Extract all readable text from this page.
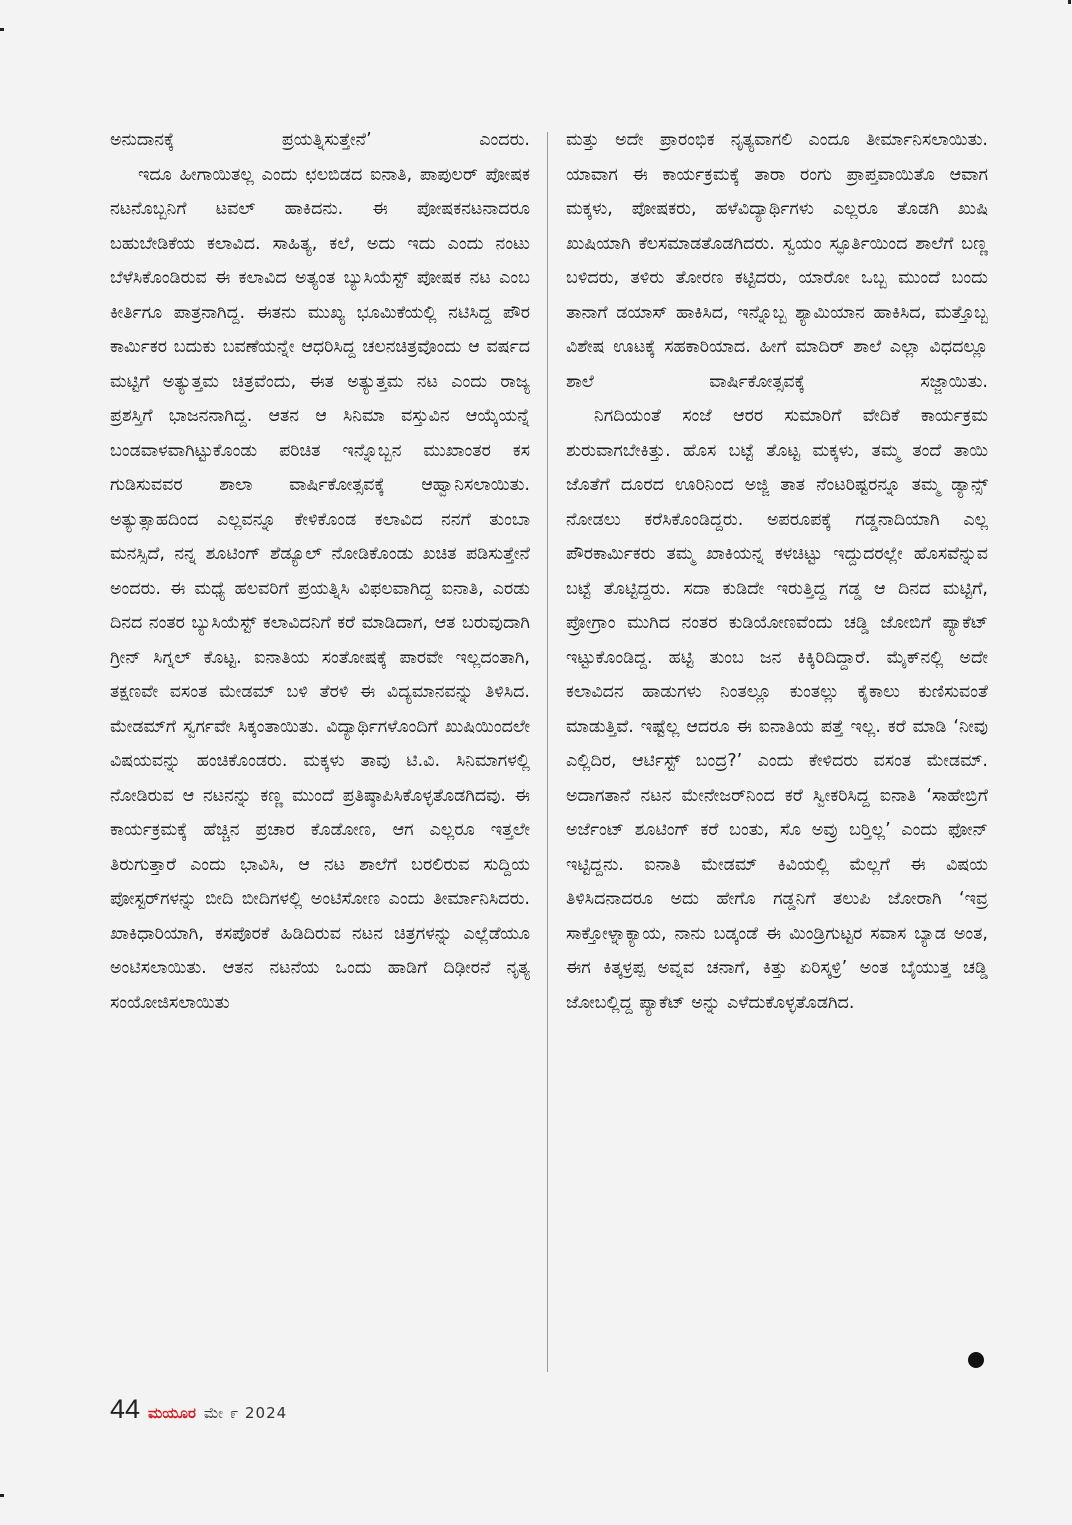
ಅನುದಾನಕ್ಕೆ ಪ್ರಯತ್ನಿಸುತ್ತೇನೆ’ ಎಂದರು.

ಇದೂ ಹೀಗಾಯಿತಲ್ಲ ಎಂದು ಛಲಬಿಡದ ಐನಾತಿ, ಪಾಪುಲರ್ ಪೋಷಕ ನಟನೊಬ್ಬನಿಗೆ ಟವಲ್ ಹಾಕಿದನು. ಈ ಪೋಷಕನಟನಾದರೂ ಬಹುಬೇಡಿಕೆಯ ಕಲಾವಿದ. ಸಾಹಿತ್ಯ, ಕಲೆ, ಅದು ಇದು ಎಂದು ನಂಟು ಬೆಳೆಸಿಕೊಂಡಿರುವ ಈ ಕಲಾವಿದ ಅತ್ಯಂತ ಬ್ಯುಸಿಯೆಸ್ಟ್ ಪೋಷಕ ನಟ ಎಂಬ ಕೀರ್ತಿಗೂ ಪಾತ್ರನಾಗಿದ್ದ. ಈತನು ಮುಖ್ಯ ಭೂಮಿಕೆಯಲ್ಲಿ ನಟಿಸಿದ್ದ ಪೌರ ಕಾರ್ಮಿಕರ ಬದುಕು ಬವಣೆಯನ್ನೇ ಆಧರಿಸಿದ್ದ ಚಲನಚಿತ್ರವೊಂದು ಆ ವರ್ಷದ ಮಟ್ಟಿಗೆ ಅತ್ಯುತ್ತಮ ಚಿತ್ರವೆಂದು, ಈತ ಅತ್ಯುತ್ತಮ ನಟ ಎಂದು ರಾಜ್ಯ ಪ್ರಶಸ್ತಿಗೆ ಭಾಜನನಾಗಿದ್ದ. ಆತನ ಆ ಸಿನಿಮಾ ವಸ್ತುವಿನ ಆಯ್ಕೆಯನ್ನೆ ಬಂಡವಾಳವಾಗಿಟ್ಟುಕೊಂಡು ಪರಿಚಿತ ಇನ್ನೊಬ್ಬನ ಮುಖಾಂತರ ಕಸ ಗುಡಿಸುವವರ ಶಾಲಾ ವಾರ್ಷಿಕೋತ್ಸವಕ್ಕೆ ಆಹ್ವಾನಿಸಲಾಯಿತು. ಅತ್ಯುತ್ಸಾಹದಿಂದ ಎಲ್ಲವನ್ನೂ ಕೇಳಿಕೊಂಡ ಕಲಾವಿದ ನನಗೆ ತುಂಬಾ ಮನಸ್ಸಿದೆ, ನನ್ನ ಶೂಟಿಂಗ್ ಶೆಡ್ಯೂಲ್ ನೋಡಿಕೊಂಡು ಖಚಿತ ಪಡಿಸುತ್ತೇನೆ ಅಂದರು. ಈ ಮಧ್ಯೆ ಹಲವರಿಗೆ ಪ್ರಯತ್ನಿಸಿ ವಿಫಲವಾಗಿದ್ದ ಐನಾತಿ, ಎರಡು ದಿನದ ನಂತರ ಬ್ಯುಸಿಯೆಸ್ಟ್ ಕಲಾವಿದನಿಗೆ ಕರೆ ಮಾಡಿದಾಗ, ಆತ ಬರುವುದಾಗಿ ಗ್ರೀನ್ ಸಿಗ್ನಲ್ ಕೊಟ್ಟ. ಐನಾತಿಯ ಸಂತೋಷಕ್ಕೆ ಪಾರವೇ ಇಲ್ಲದಂತಾಗಿ, ತಕ್ಷಣವೇ ವಸಂತ ಮೇಡಮ್ ಬಳಿ ತೆರಳಿ ಈ ವಿದ್ಯಮಾನವನ್ನು ತಿಳಿಸಿದ. ಮೇಡಮ್‌ಗೆ ಸ್ವರ್ಗವೇ ಸಿಕ್ಕಂತಾಯಿತು. ವಿದ್ಯಾರ್ಥಿಗಳೊಂದಿಗೆ ಖುಷಿಯಿಂದಲೇ ವಿಷಯವನ್ನು ಹಂಚಿಕೊಂಡರು. ಮಕ್ಕಳು ತಾವು ಟಿ.ವಿ. ಸಿನಿಮಾಗಳಲ್ಲಿ ನೋಡಿರುವ ಆ ನಟನನ್ನು ಕಣ್ಣ ಮುಂದೆ ಪ್ರತಿಷ್ಠಾಪಿಸಿಕೊಳ್ಳತೊಡಗಿದವು. ಈ ಕಾರ್ಯಕ್ರಮಕ್ಕೆ ಹೆಚ್ಚಿನ ಪ್ರಚಾರ ಕೊಡೋಣ, ಆಗ ಎಲ್ಲರೂ ಇತ್ತಲೇ ತಿರುಗುತ್ತಾರೆ ಎಂದು ಭಾವಿಸಿ, ಆ ನಟ ಶಾಲೆಗೆ ಬರಲಿರುವ ಸುದ್ದಿಯ ಪೋಸ್ಟರ್‌ಗಳನ್ನು ಬೀದಿ ಬೀದಿಗಳಲ್ಲಿ ಅಂಟಿಸೋಣ ಎಂದು ತೀರ್ಮಾನಿಸಿದರು. ಖಾಕಿಧಾರಿಯಾಗಿ, ಕಸಪೊರಕೆ ಹಿಡಿದಿರುವ ನಟನ ಚಿತ್ರಗಳನ್ನು ಎಲ್ಲೆಡೆಯೂ ಅಂಟಿಸಲಾಯಿತು. ಆತನ ನಟನೆಯ ಒಂದು ಹಾಡಿಗೆ ದಿಢೀರನೆ ನೃತ್ಯ ಸಂಯೋಜಿಸಲಾಯಿತು

ಮತ್ತು ಅದೇ ಪ್ರಾರಂಭಿಕ ನೃತ್ಯವಾಗಲಿ ಎಂದೂ ತೀರ್ಮಾನಿಸಲಾಯಿತು. ಯಾವಾಗ ಈ ಕಾರ್ಯಕ್ರಮಕ್ಕೆ ತಾರಾ ರಂಗು ಪ್ರಾಪ್ತವಾಯಿತೊ ಆವಾಗ ಮಕ್ಕಳು, ಪೋಷಕರು, ಹಳೆವಿದ್ಯಾರ್ಥಿಗಳು ಎಲ್ಲರೂ ತೊಡಗಿ ಖುಷಿ ಖುಷಿಯಾಗಿ ಕೆಲಸಮಾಡತೊಡಗಿದರು. ಸ್ವಯಂ ಸ್ಫೂರ್ತಿಯಿಂದ ಶಾಲೆಗೆ ಬಣ್ಣ ಬಳಿದರು, ತಳಿರು ತೋರಣ ಕಟ್ಟಿದರು, ಯಾರೋ ಒಬ್ಬ ಮುಂದೆ ಬಂದು ತಾನಾಗೆ ಡಯಾಸ್ ಹಾಕಿಸಿದ, ಇನ್ನೊಬ್ಬ ಶ್ಯಾಮಿಯಾನ ಹಾಕಿಸಿದ, ಮತ್ತೊಬ್ಬ ವಿಶೇಷ ಊಟಕ್ಕೆ ಸಹಕಾರಿಯಾದ. ಹೀಗೆ ಮಾದಿರ್ ಶಾಲೆ ಎಲ್ಲಾ ವಿಧದಲ್ಲೂ ಶಾಲೆ ವಾರ್ಷಿಕೋತ್ಸವಕ್ಕೆ ಸಜ್ಜಾಯಿತು.

ನಿಗದಿಯಂತೆ ಸಂಜೆ ಆರರ ಸುಮಾರಿಗೆ ವೇದಿಕೆ ಕಾರ್ಯಕ್ರಮ ಶುರುವಾಗಬೇಕಿತ್ತು. ಹೊಸ ಬಟ್ಟೆ ತೊಟ್ಟ ಮಕ್ಕಳು, ತಮ್ಮ ತಂದೆ ತಾಯಿ ಜೊತೆಗೆ ದೂರದ ಊರಿನಿಂದ ಅಜ್ಜಿ ತಾತ ನೆಂಟರಿಷ್ಟರನ್ನೂ ತಮ್ಮ ಡ್ಯಾನ್ಸ್ ನೋಡಲು ಕರೆಸಿಕೊಂಡಿದ್ದರು. ಅಪರೂಪಕ್ಕೆ ಗಡ್ಡನಾದಿಯಾಗಿ ಎಲ್ಲ ಪೌರಕಾರ್ಮಿಕರು ತಮ್ಮ ಖಾಕಿಯನ್ನ ಕಳಚಿಟ್ಟು ಇದ್ದುದರಲ್ಲೇ ಹೊಸವೆನ್ನುವ ಬಟ್ಟೆ ತೊಟ್ಟಿದ್ದರು. ಸದಾ ಕುಡಿದೇ ಇರುತ್ತಿದ್ದ ಗಡ್ಡ ಆ ದಿನದ ಮಟ್ಟಿಗೆ, ಪ್ರೋಗ್ರಾಂ ಮುಗಿದ ನಂತರ ಕುಡಿಯೋಣವೆಂದು ಚಡ್ಡಿ ಜೋಬಿಗೆ ಪ್ಯಾಕೆಟ್ ಇಟ್ಟುಕೊಂಡಿದ್ದ. ಹಟ್ಟಿ ತುಂಬ ಜನ ಕಿಕ್ಕಿರಿದಿದ್ದಾರೆ. ಮೈಕ್‌ನಲ್ಲಿ ಅದೇ ಕಲಾವಿದನ ಹಾಡುಗಳು ನಿಂತಲ್ಲೂ ಕುಂತಲ್ಲು ಕೈಕಾಲು ಕುಣಿಸುವಂತೆ ಮಾಡುತ್ತಿವೆ. ಇಷ್ಟೆಲ್ಲ ಆದರೂ ಈ ಐನಾತಿಯ ಪತ್ತೆ ಇಲ್ಲ. ಕರೆ ಮಾಡಿ ‘ನೀವು ಎಲ್ಲಿದಿರ, ಆರ್ಟಿಸ್ಟ್ ಬಂದ್ರ?’ ಎಂದು ಕೇಳಿದರು ವಸಂತ ಮೇಡಮ್. ಅದಾಗತಾನೆ ನಟನ ಮೇನೇಜರ್‌ನಿಂದ ಕರೆ ಸ್ವೀಕರಿಸಿದ್ದ ಐನಾತಿ ‘ಸಾಹೇಬ್ರಿಗೆ ಅರ್ಜೆಂಟ್ ಶೂಟಿಂಗ್ ಕರೆ ಬಂತು, ಸೊ ಅವ್ರು ಬರ್‍ತಿಲ್ಲ’ ಎಂದು ಫೋನ್ ಇಟ್ಟಿದ್ದನು. ಐನಾತಿ ಮೇಡಮ್ ಕಿವಿಯಲ್ಲಿ ಮೆಲ್ಲಗೆ ಈ ವಿಷಯ ತಿಳಿಸಿದನಾದರೂ ಅದು ಹೇಗೊ ಗಡ್ಡನಿಗೆ ತಲುಪಿ ಜೋರಾಗಿ ‘ಇವ್ರ ಸಾಕ್ತೋಳ್ನಾಕ್ಯಾಯ, ನಾನು ಬಡ್ಕಂಡೆ ಈ ಮಿಂಡ್ರಿಗುಟ್ಟರ ಸವಾಸ ಬ್ಯಾಡ ಅಂತ, ಈಗ ಕಿತ್ಕಳ್ರಪ್ಪ ಅವ್ನವ ಚನಾಗೆ, ಕಿತ್ತು ಏರಿಸ್ಕಳ್ರಿ’ ಅಂತ ಬೈಯುತ್ತ ಚಡ್ಡಿ ಜೋಬಲ್ಲಿದ್ದ ಪ್ಯಾಕೆಟ್ ಅನ್ನು ಎಳೆದುಕೊಳ್ಳತೊಡಗಿದ.

44 ಮಯೂರ ಮೇ ೯ 2024
